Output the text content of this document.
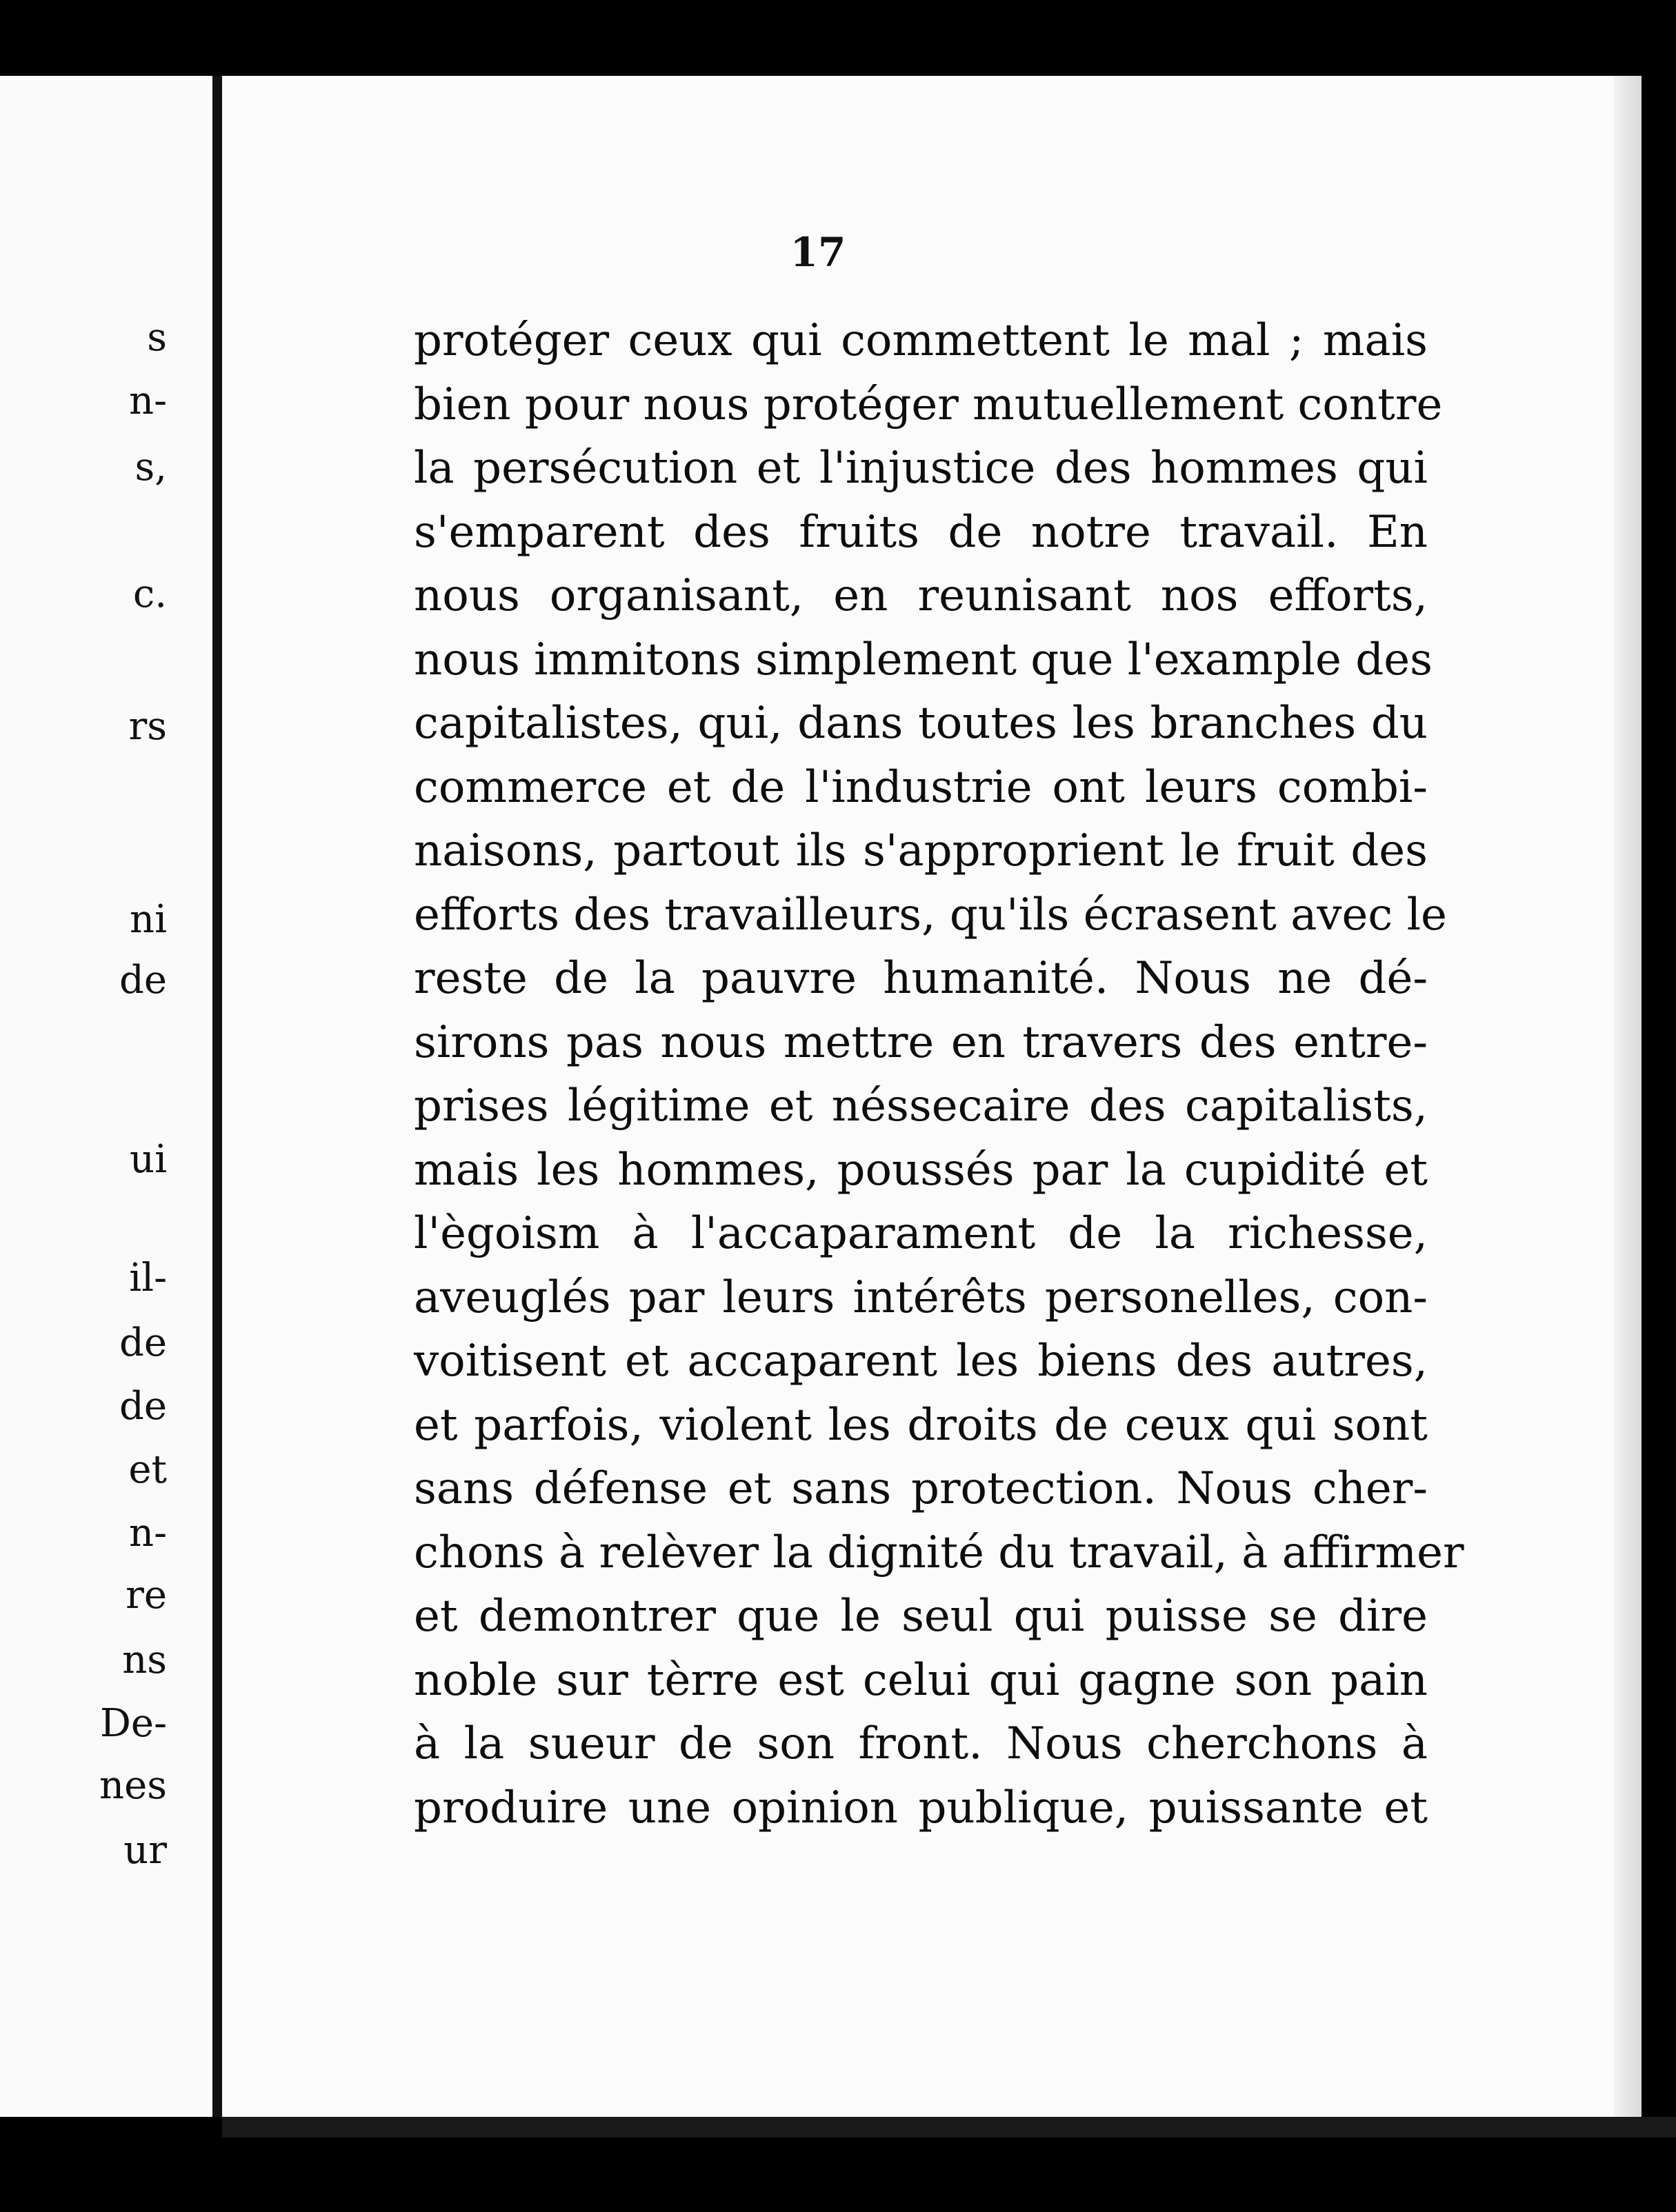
s
n-
s,
c.
rs
ni
de
ui
il-
de
de
et
n-
re
ns
De-
nes
ur
17
protéger ceux qui commettent le mal ; mais
bien pour nous protéger mutuellement contre
la persécution et l'injustice des hommes qui
s'emparent des fruits de notre travail. En
nous organisant, en reunisant nos efforts,
nous immitons simplement que l'example des
capitalistes, qui, dans toutes les branches du
commerce et de l'industrie ont leurs combi-
naisons, partout ils s'approprient le fruit des
efforts des travailleurs, qu'ils écrasent avec le
reste de la pauvre humanité. Nous ne dé-
sirons pas nous mettre en travers des entre-
prises légitime et néssecaire des capitalists,
mais les hommes, poussés par la cupidité et
l'ègoism à l'accaparament de la richesse,
aveuglés par leurs intérêts personelles, con-
voitisent et accaparent les biens des autres,
et parfois, violent les droits de ceux qui sont
sans défense et sans protection. Nous cher-
chons à relèver la dignité du travail, à affirmer
et demontrer que le seul qui puisse se dire
noble sur tèrre est celui qui gagne son pain
à la sueur de son front. Nous cherchons à
produire une opinion publique, puissante et
